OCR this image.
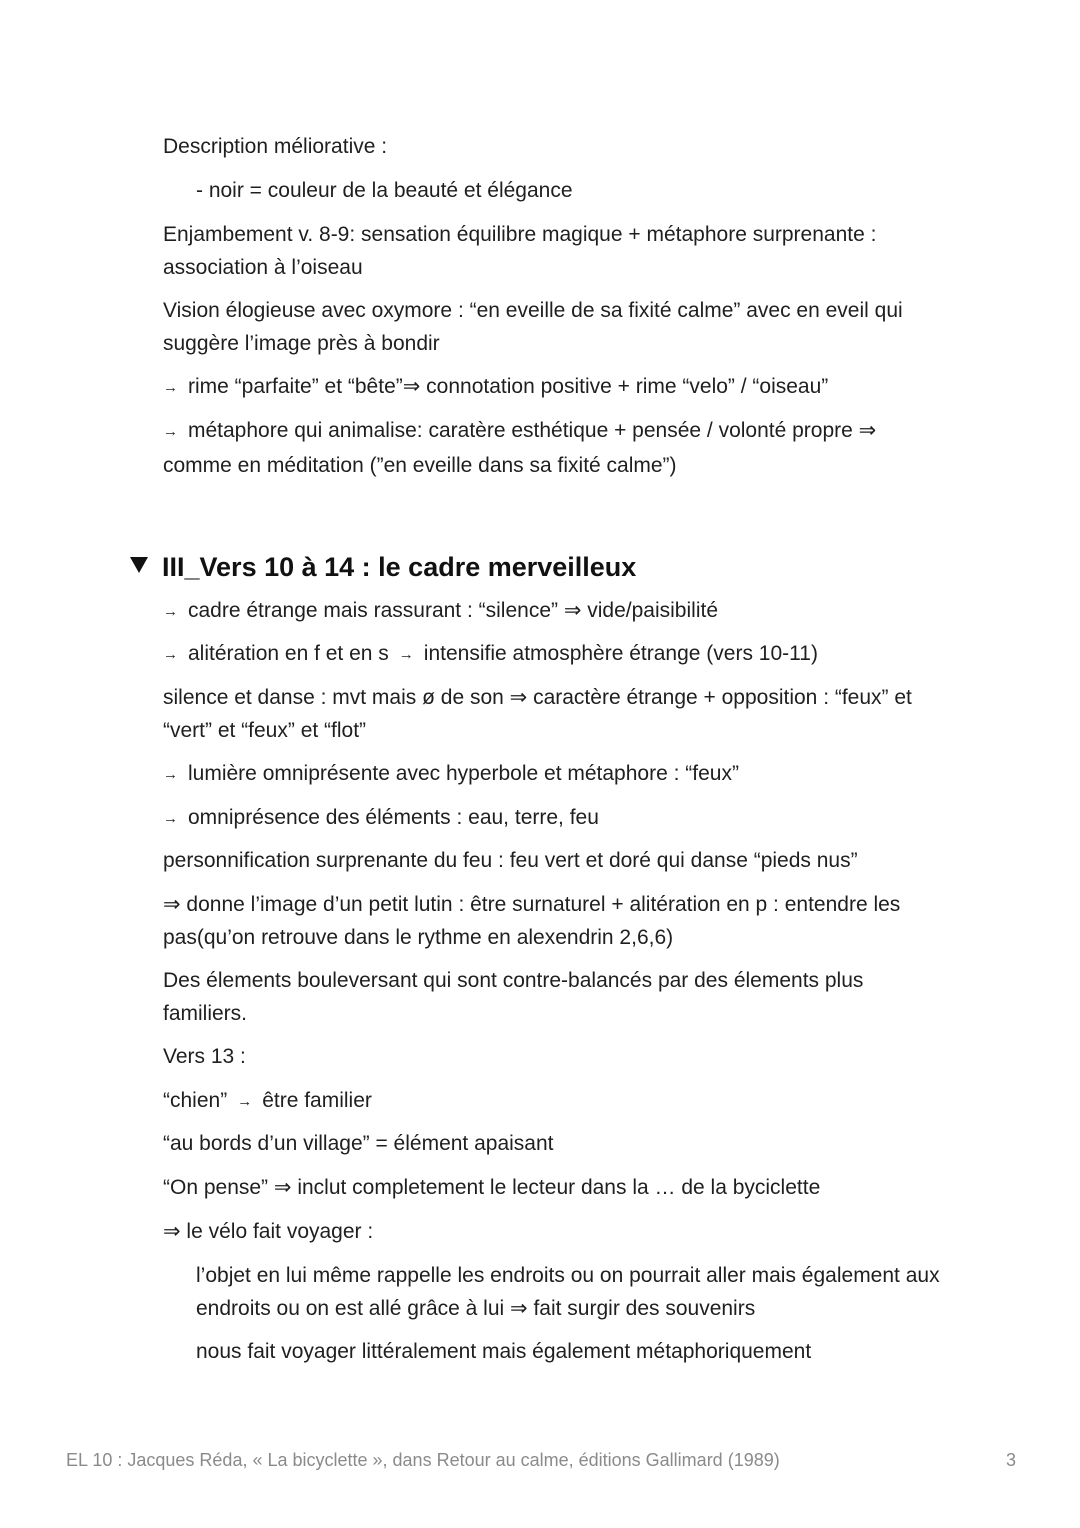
Description méliorative :
- noir = couleur de la beauté et élégance
Enjambement v. 8-9: sensation équilibre magique + métaphore surprenante : association à l’oiseau
Vision élogieuse avec oxymore : “en eveille de sa fixité calme” avec en eveil qui suggère l’image près à bondir
→ rime “parfaite” et “bête”⇒ connotation positive + rime “velo” / “oiseau”
→ métaphore qui animalise: caratère esthétique + pensée / volonté propre ⇒ comme en méditation (”en eveille dans sa fixité calme”)
III_Vers 10 à 14 : le cadre merveilleux
→ cadre étrange mais rassurant : “silence” ⇒ vide/paisibilité
→ alitération en f et en s → intensifie atmosphère étrange (vers 10-11)
silence et danse : mvt mais ø de son ⇒ caractère étrange + opposition : “feux” et “vert” et “feux” et “flot”
→ lumière omniprésente avec hyperbole et métaphore : “feux”
→ omniprésence des éléments : eau, terre, feu
personnification surprenante du feu : feu vert et doré qui danse “pieds nus”
⇒ donne l’image d’un petit lutin : être surnaturel + alitération en p : entendre les pas(qu’on retrouve dans le rythme en alexendrin 2,6,6)
Des élements bouleversant qui sont contre-balancés par des élements plus familiers.
Vers 13 :
“chien” → être familier
“au bords d’un village” = élément apaisant
“On pense” ⇒ inclut completement le lecteur dans la … de la byciclette
⇒ le vélo fait voyager :
l’objet en lui même rappelle les endroits ou on pourrait aller mais également aux endroits ou on est allé grâce à lui ⇒ fait surgir des souvenirs
nous fait voyager littéralement mais également métaphoriquement
EL 10 : Jacques Réda, « La bicyclette », dans Retour au calme, éditions Gallimard (1989)	3
